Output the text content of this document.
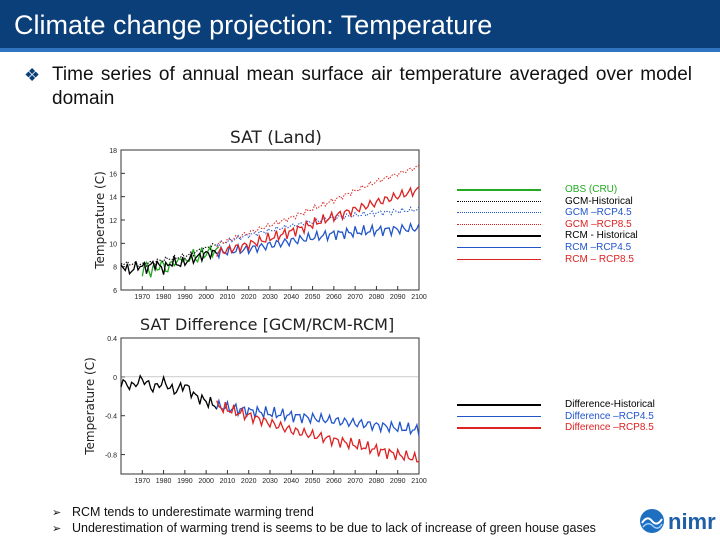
Climate change projection: Temperature
❖ Time series of annual mean surface air temperature averaged over model domain
6
8
10
12
14
16
18
1970 1980 1990 2000 2010 2020 2030 2040 2050 2060 2070 2080 2090 2100
SAT (Land)
Temperature (C)
0.4
0
-0.4
-0.8
1970 1980 1990 2000 2010 2020 2030 2040 2050 2060 2070 2080 2090 2100
SAT Difference [GCM/RCM-RCM]
Temperature (C)
OBS (CRU)
GCM-Historical
GCM –RCP4.5
GCM –RCP8.5
RCM - Historical
RCM –RCP4.5
RCM – RCP8.5
Difference-Historical
Difference –RCP4.5
Difference –RCP8.5
➢ RCM tends to underestimate warming trend
➢ Underestimation of warming trend is seems to be due to lack of increase of green house gases	nimr
